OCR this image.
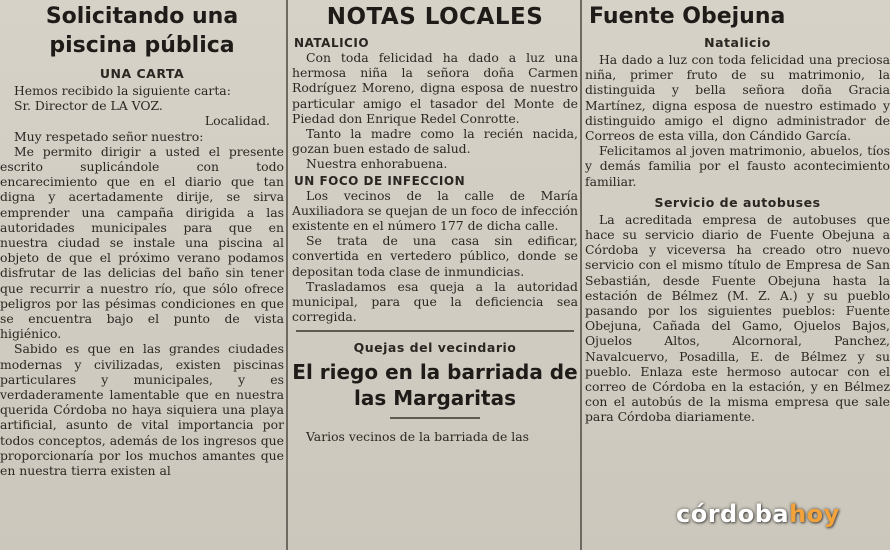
Solicitando una piscina pública
UNA CARTA

Hemos recibido la siguiente carta:

Sr. Director de LA VOZ.

Localidad.

Muy respetado señor nuestro:

Me permito dirigir a usted el presente escrito suplicándole con todo encarecimiento que en el diario que tan digna y acertadamente dirije, se sirva emprender una campaña dirigida a las autoridades municipales para que en nuestra ciudad se instale una piscina al objeto de que el próximo verano podamos disfrutar de las delicias del baño sin tener que recurrir a nuestro río, que sólo ofrece peligros por las pésimas condiciones en que se encuentra bajo el punto de vista higiénico.

Sabido es que en las grandes ciudades modernas y civilizadas, existen piscinas particulares y municipales, y es verdaderamente lamentable que en nuestra querida Córdoba no haya siquiera una playa artificial, asunto de vital importancia por todos conceptos, además de los ingresos que proporcionaría por los muchos amantes que en nuestra tierra existen al

NOTAS LOCALES
NATALICIO

Con toda felicidad ha dado a luz una hermosa niña la señora doña Carmen Rodríguez Moreno, digna esposa de nuestro particular amigo el tasador del Monte de Piedad don Enrique Redel Conrotte.

Tanto la madre como la recién nacida, gozan buen estado de salud.

Nuestra enhorabuena.

UN FOCO DE INFECCION

Los vecinos de la calle de María Auxiliadora se quejan de un foco de infección existente en el número 177 de dicha calle.

Se trata de una casa sin edificar, convertida en vertedero público, donde se depositan toda clase de inmundicias.

Trasladamos esa queja a la autoridad municipal, para que la deficiencia sea corregida.

Quejas del vecindario
El riego en la barriada de las Margaritas

Varios vecinos de la barriada de las

Fuente Obejuna
Natalicio

Ha dado a luz con toda felicidad una preciosa niña, primer fruto de su matrimonio, la distinguida y bella señora doña Gracia Martínez, digna esposa de nuestro estimado y distinguido amigo el digno administrador de Correos de esta villa, don Cándido García.

Felicitamos al joven matrimonio, abuelos, tíos y demás familia por el fausto acontecimiento familiar.

Servicio de autobuses

La acreditada empresa de autobuses que hace su servicio diario de Fuente Obejuna a Córdoba y viceversa ha creado otro nuevo servicio con el mismo título de Empresa de San Sebastián, desde Fuente Obejuna hasta la estación de Bélmez (M. Z. A.) y su pueblo pasando por los siguientes pueblos: Fuente Obejuna, Cañada del Gamo, Ojuelos Bajos, Ojuelos Altos, Alcornoral, Panchez, Navalcuervo, Posadilla, E. de Bélmez y su pueblo. Enlaza este hermoso autocar con el correo de Córdoba en la estación, y en Bélmez con el autobús de la misma empresa que sale para Córdoba diariamente.

córdobahoy
